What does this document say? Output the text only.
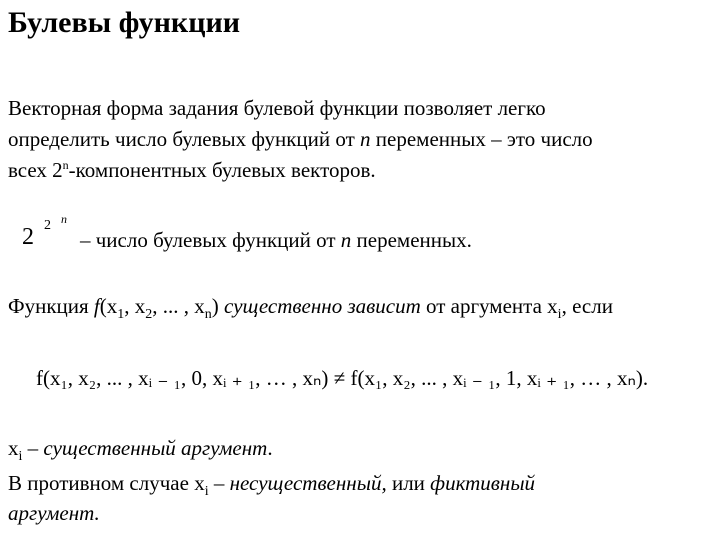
Булевы функции
Векторная форма задания булевой функции позволяет легко
определить число булевых функций от n переменных – это число
всех 2$^n$-компонентных булевых векторов.
2 2 n
– число булевых функций от n переменных.
Функция $f(x_1$, $x_2$, ... , $x_n$) существенно зависит от аргумента $x_i$, если
f(x₁, x₂, ... , xᵢ ₋ ₁, 0, xᵢ ₊ ₁, … , xₙ) ≠ f(x₁, x₂, ... , xᵢ ₋ ₁, 1, xᵢ ₊ ₁, … , xₙ).
$x_i$ – существенный аргумент.
В противном случае $x_i$ – несущественный, или фиктивный
аргумент.
